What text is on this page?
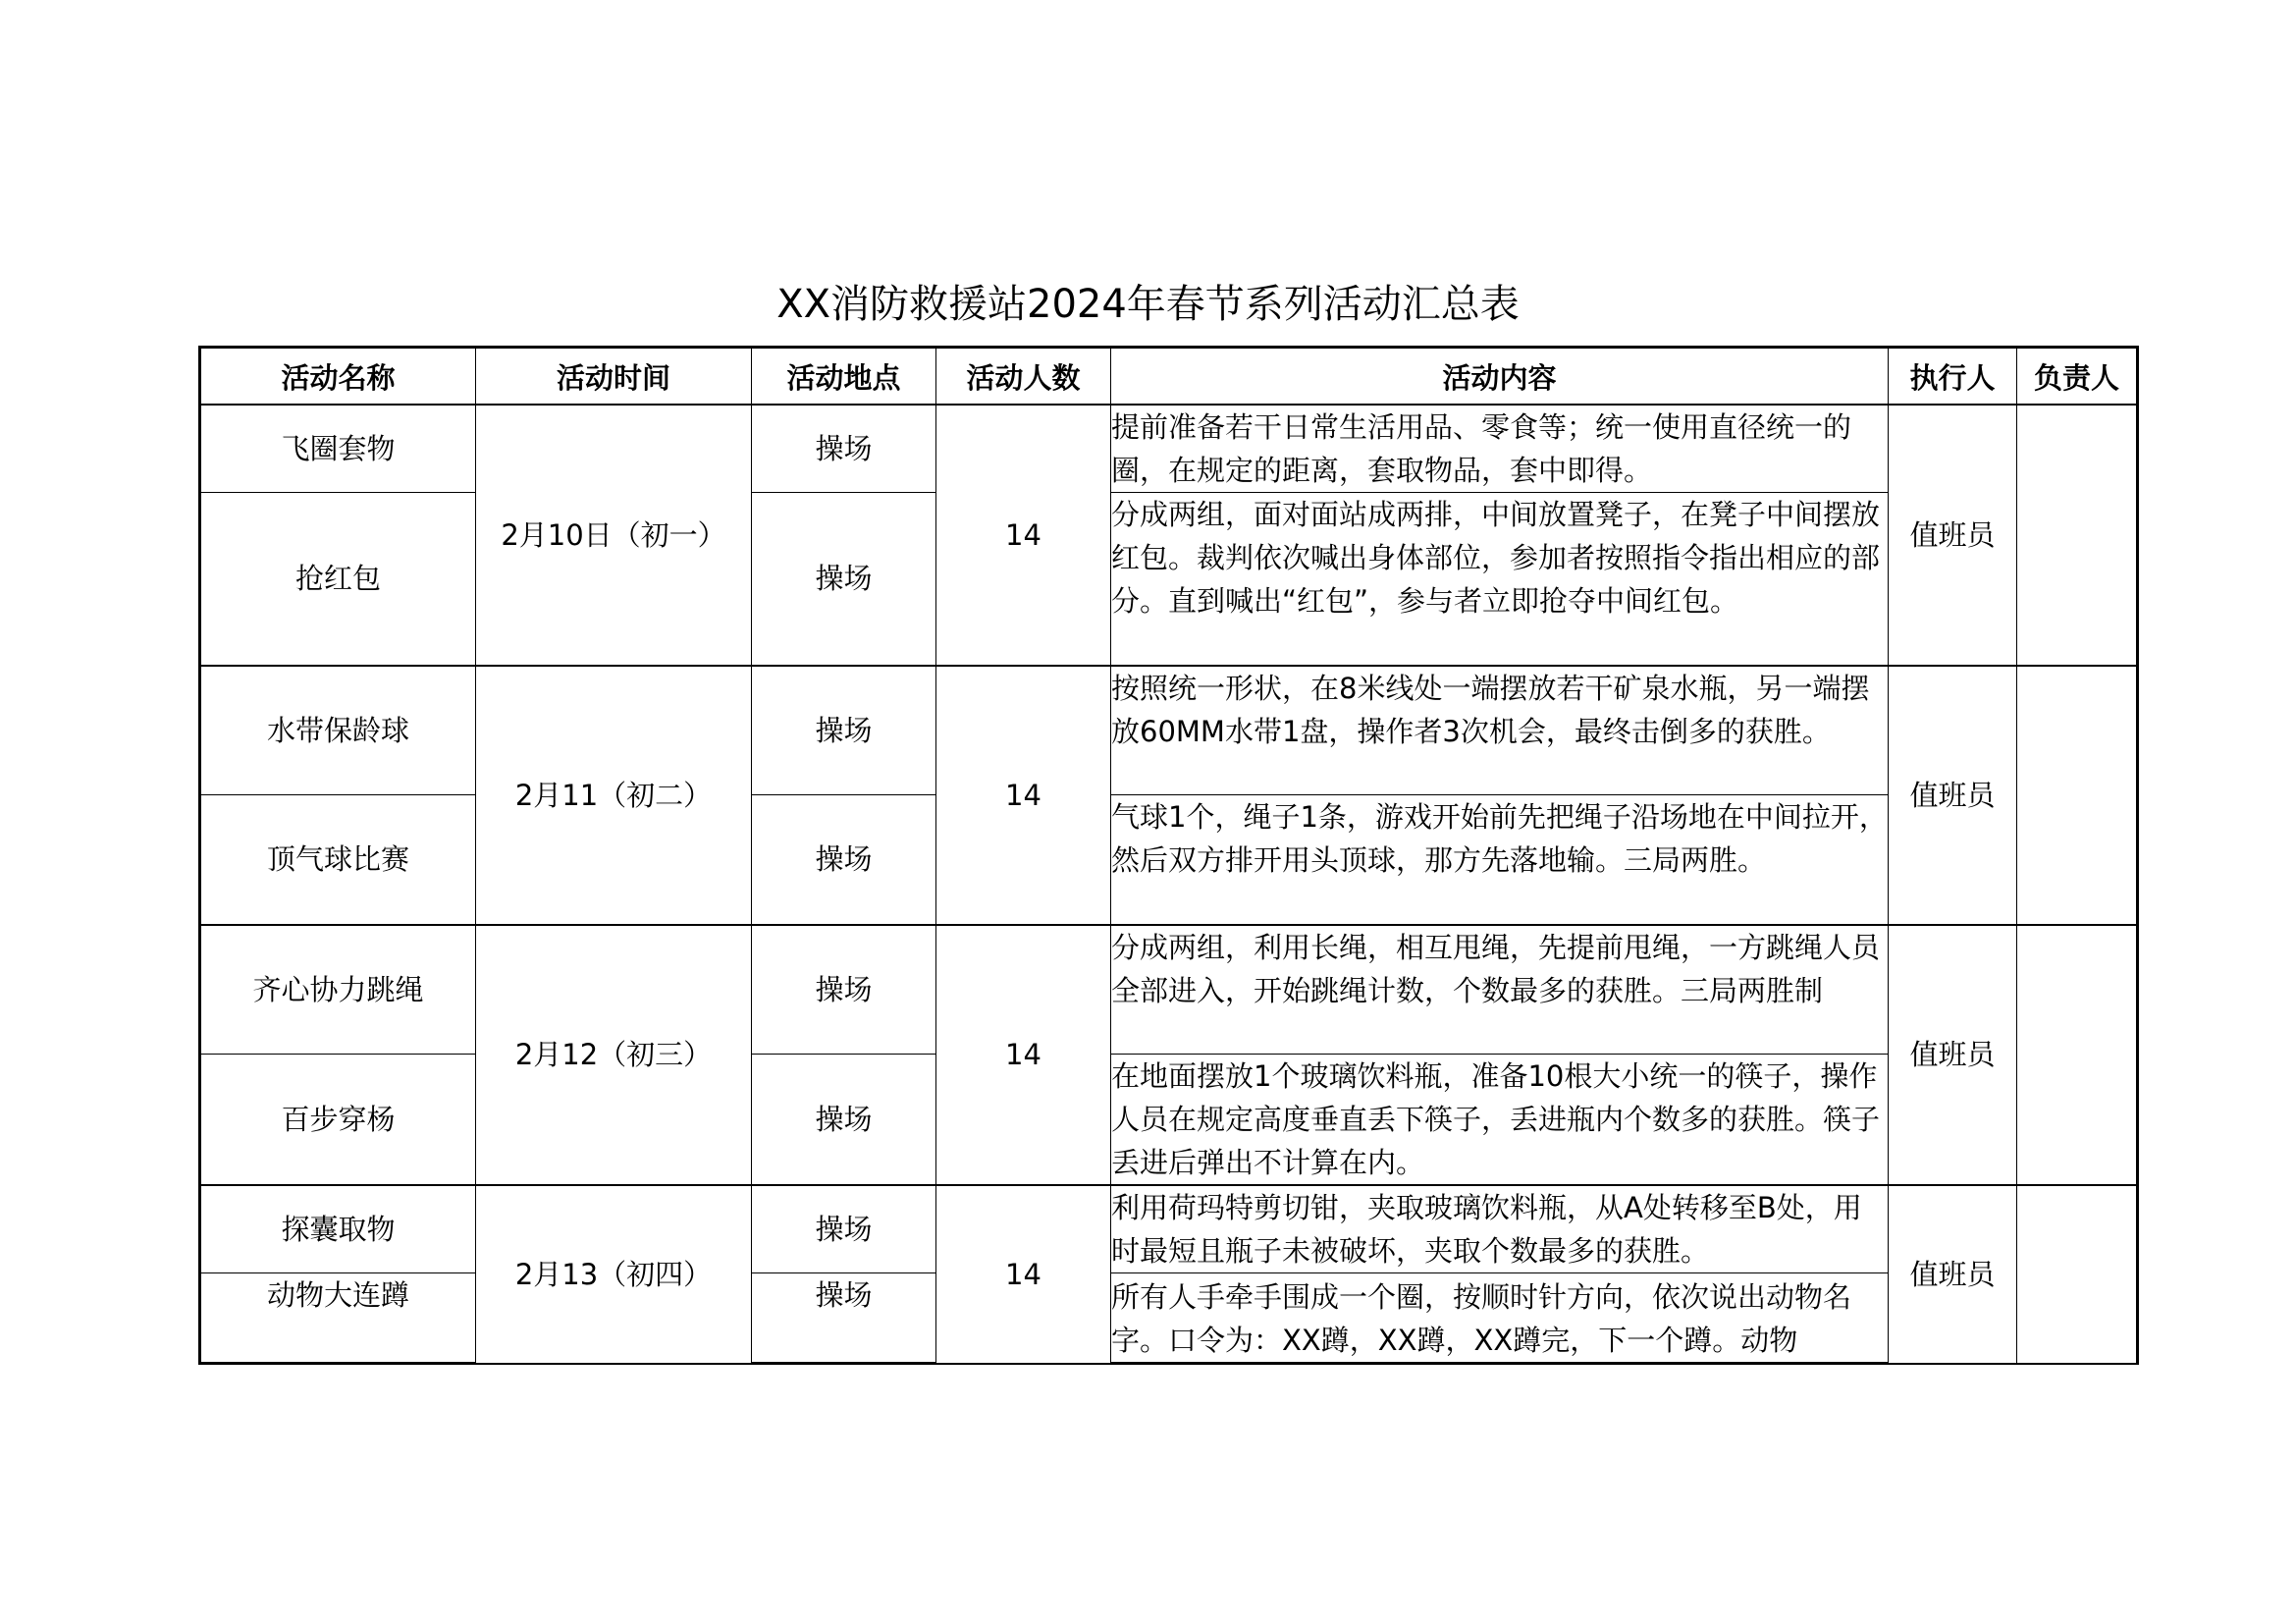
XX消防救援站2024年春节系列活动汇总表
活动名称	活动时间	活动地点	活动人数	活动内容	执行人	负责人
飞圈套物	2月10日（初一）	操场	14	提前准备若干日常生活用品、零食等；统一使用直径统一的圈，在规定的距离，套取物品，套中即得。	值班员	
抢红包		操场		分成两组，面对面站成两排，中间放置凳子，在凳子中间摆放红包。裁判依次喊出身体部位，参加者按照指令指出相应的部分。直到喊出“红包”，参与者立即抢夺中间红包。		
水带保龄球	2月11（初二）	操场	14	按照统一形状，在8米线处一端摆放若干矿泉水瓶，另一端摆放60MM水带1盘，操作者3次机会，最终击倒多的获胜。	值班员	
顶气球比赛		操场		气球1个，绳子1条，游戏开始前先把绳子沿场地在中间拉开，然后双方排开用头顶球，那方先落地输。三局两胜。		
齐心协力跳绳	2月12（初三）	操场	14	分成两组，利用长绳，相互甩绳，先提前甩绳，一方跳绳人员全部进入，开始跳绳计数，个数最多的获胜。三局两胜制	值班员	
百步穿杨		操场		在地面摆放1个玻璃饮料瓶，准备10根大小统一的筷子，操作人员在规定高度垂直丢下筷子，丢进瓶内个数多的获胜。筷子丢进后弹出不计算在内。		
探囊取物	2月13（初四）	操场	14	利用荷玛特剪切钳，夹取玻璃饮料瓶，从A处转移至B处，用时最短且瓶子未被破坏，夹取个数最多的获胜。	值班员	
动物大连蹲		操场		所有人手牵手围成一个圈，按顺时针方向，依次说出动物名字。口令为：XX蹲，XX蹲，XX蹲完，下一个蹲。动物		
